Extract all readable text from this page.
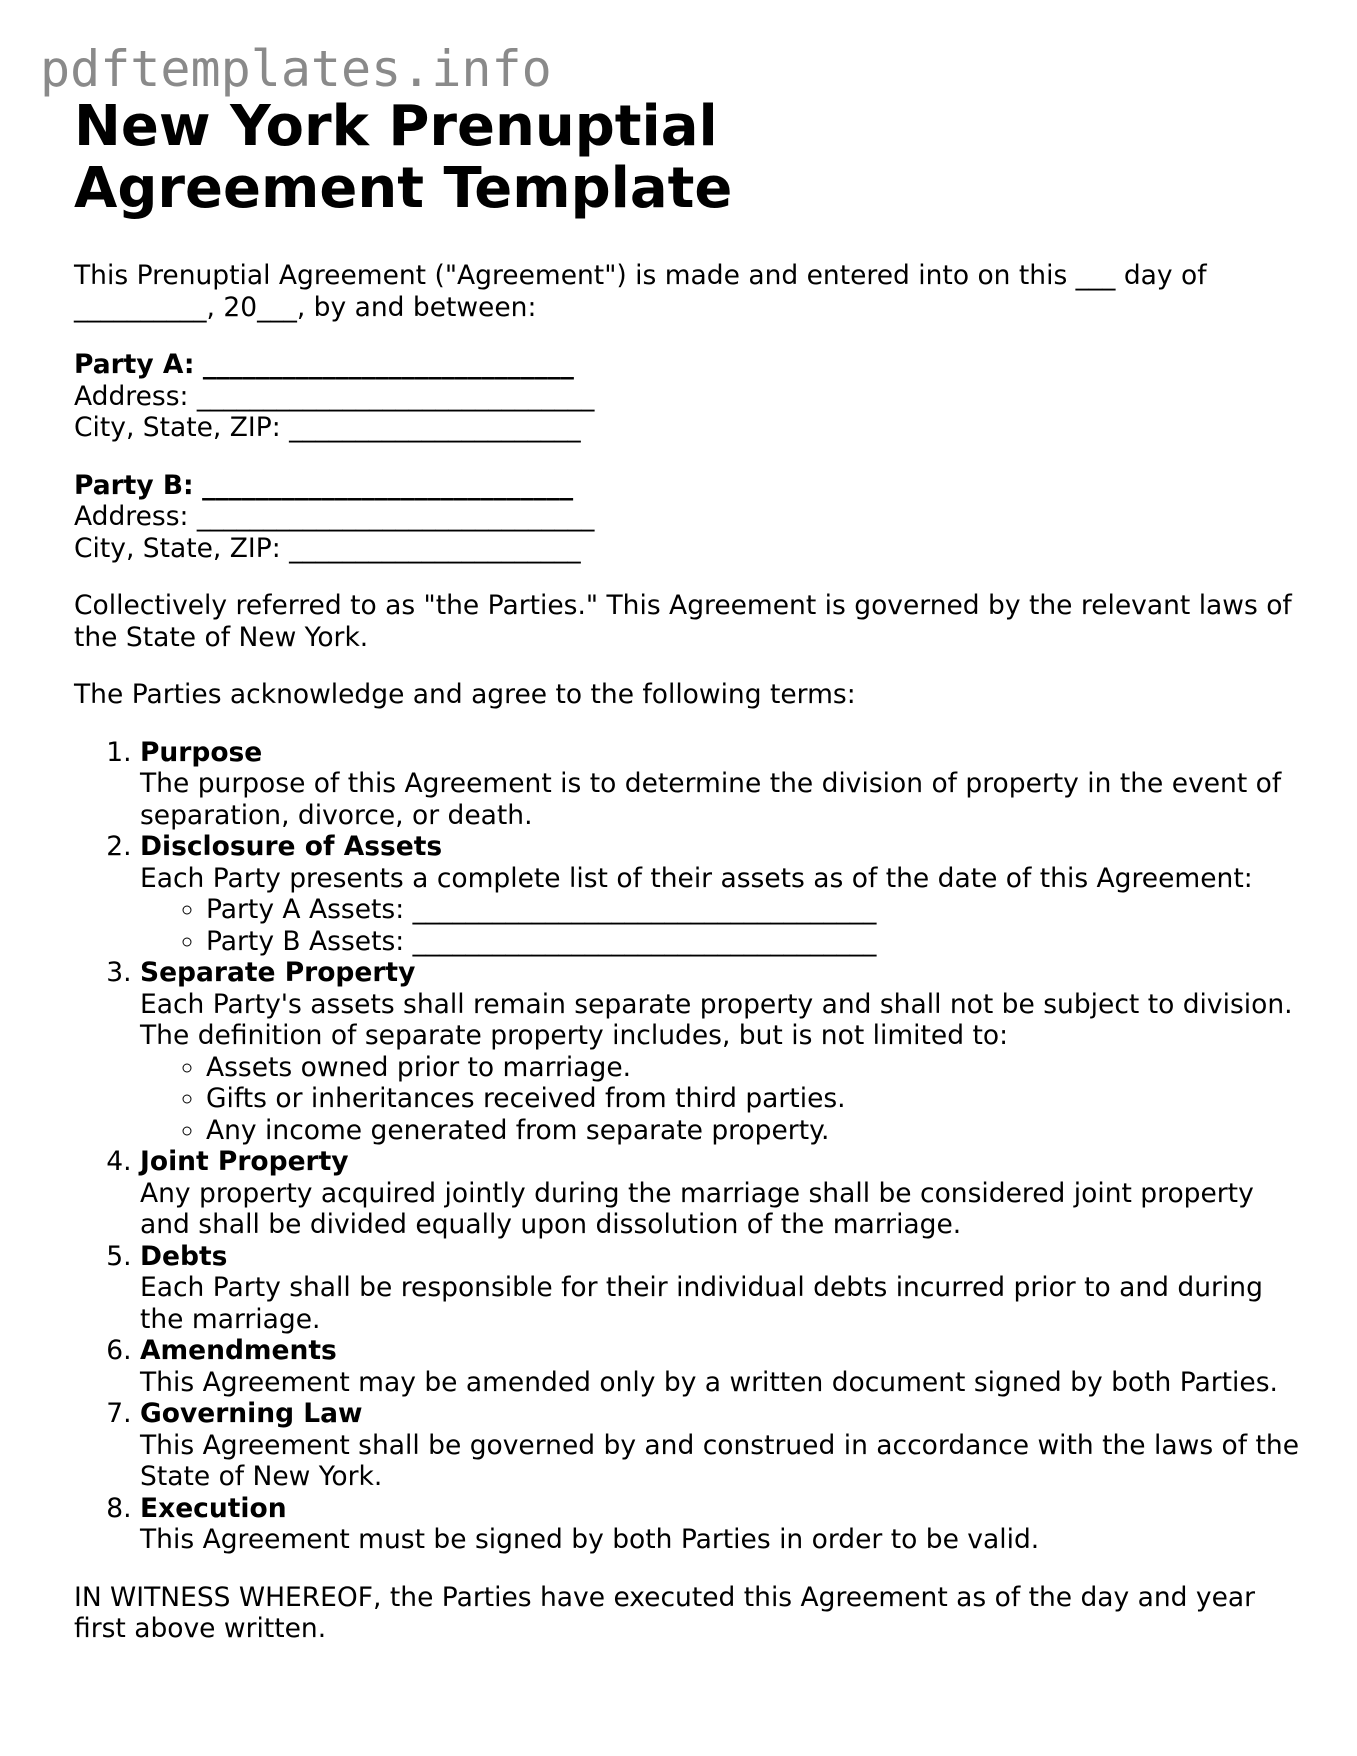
pdftemplates.info
New York Prenuptial Agreement Template
This Prenuptial Agreement ("Agreement") is made and entered into on this ___ day of
__________, 20___, by and between:
Party A: ____________________________
Address: ______________________________
City, State, ZIP: ______________________
Party B: ____________________________
Address: ______________________________
City, State, ZIP: ______________________

Collectively referred to as "the Parties." This Agreement is governed by the relevant laws of the State of New York.

The Parties acknowledge and agree to the following terms:

1. Purpose
The purpose of this Agreement is to determine the division of property in the event of separation, divorce, or death.
2. Disclosure of Assets
Each Party presents a complete list of their assets as of the date of this Agreement:
◦ Party A Assets: ___________________________________
◦ Party B Assets: ___________________________________
3. Separate Property
Each Party's assets shall remain separate property and shall not be subject to division. The definition of separate property includes, but is not limited to:
◦ Assets owned prior to marriage.
◦ Gifts or inheritances received from third parties.
◦ Any income generated from separate property.
4. Joint Property
Any property acquired jointly during the marriage shall be considered joint property and shall be divided equally upon dissolution of the marriage.
5. Debts
Each Party shall be responsible for their individual debts incurred prior to and during the marriage.
6. Amendments
This Agreement may be amended only by a written document signed by both Parties.
7. Governing Law
This Agreement shall be governed by and construed in accordance with the laws of the State of New York.
8. Execution
This Agreement must be signed by both Parties in order to be valid.

IN WITNESS WHEREOF, the Parties have executed this Agreement as of the day and year first above written.
